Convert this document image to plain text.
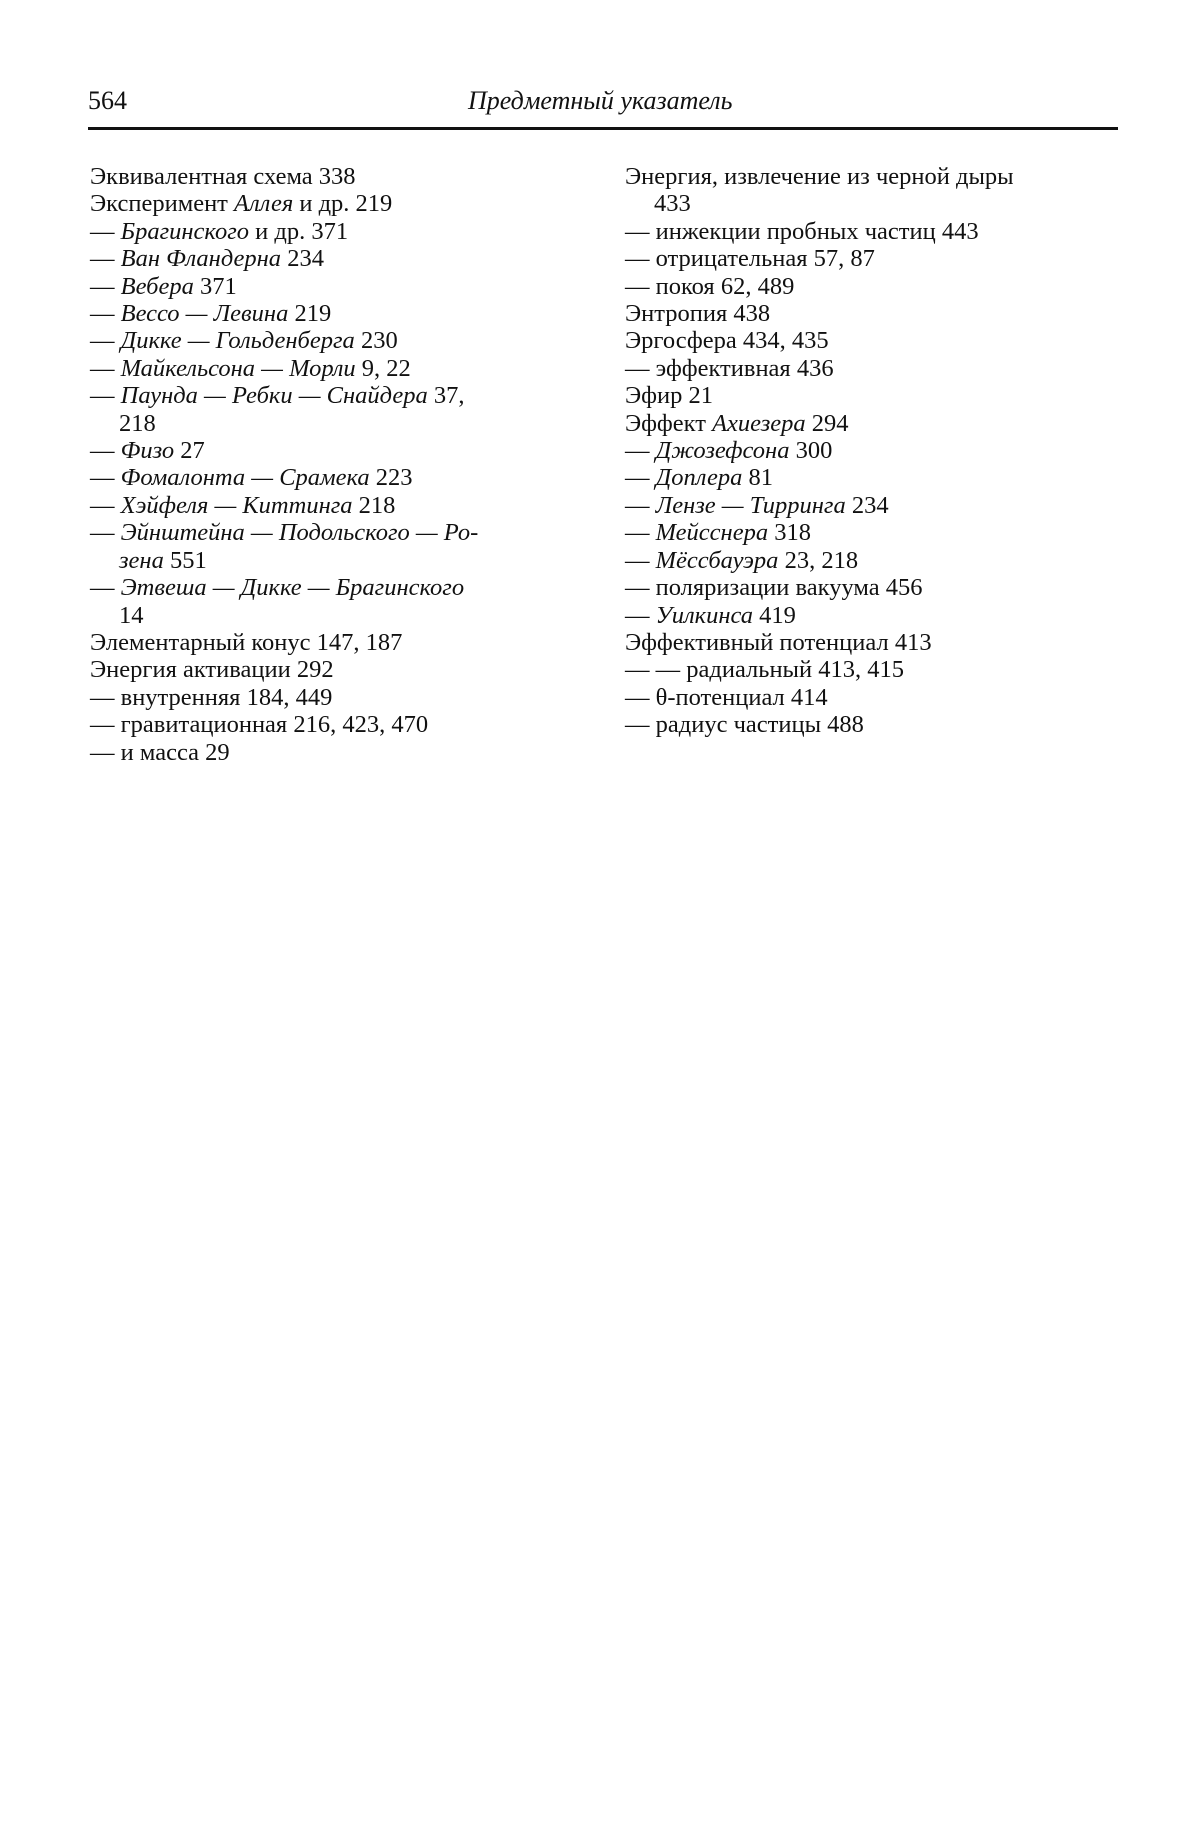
564	Предметный указатель
Эквивалентная схема 338
Эксперимент Аллея и др. 219
— Брагинского и др. 371
— Ван Фландерна 234
— Вебера 371
— Вессо — Левина 219
— Дикке — Гольденберга 230
— Майкельсона — Морли 9, 22
— Паунда — Ребки — Снайдера 37,
218
— Физо 27
— Фомалонта — Срамека 223
— Хэйфеля — Киттинга 218
— Эйнштейна — Подольского — Ро-
зена 551
— Этвеша — Дикке — Брагинского
14
Элементарный конус 147, 187
Энергия активации 292
— внутренняя 184, 449
— гравитационная 216, 423, 470
— и масса 29
Энергия, извлечение из черной дыры
433
— инжекции пробных частиц 443
— отрицательная 57, 87
— покоя 62, 489
Энтропия 438
Эргосфера 434, 435
— эффективная 436
Эфир 21
Эффект Ахиезера 294
— Джозефсона 300
— Доплера 81
— Лензе — Тирринга 234
— Мейсснера 318
— Мёссбауэра 23, 218
— поляризации вакуума 456
— Уилкинса 419
Эффективный потенциал 413
— — радиальный 413, 415
— θ-потенциал 414
— радиус частицы 488
